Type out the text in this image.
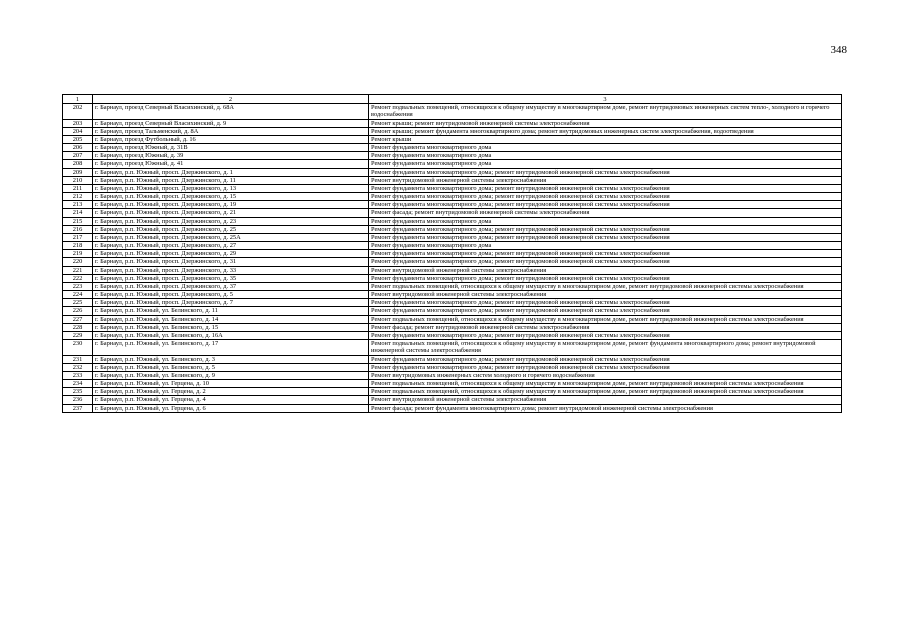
348
1	2	3
202	г. Барнаул, проезд Северный Власихинский, д. 68А	Ремонт подвальных помещений, относящихся к общему имуществу в многоквартирном доме, ремонт внутридомовых инженерных систем тепло-, холодного и горячего водоснабжения
203	г. Барнаул, проезд Северный Власихинский, д. 9	Ремонт крыши; ремонт внутридомовой инженерной системы электроснабжения
204	г. Барнаул, проезд Тальменский, д. 8А	Ремонт крыши; ремонт фундамента многоквартирного дома; ремонт внутридомовых инженерных систем электроснабжения, водоотведения
205	г. Барнаул, проезд Футбольный, д. 16	Ремонт крыши
206	г. Барнаул, проезд Южный, д. 31В	Ремонт фундамента многоквартирного дома
207	г. Барнаул, проезд Южный, д. 39	Ремонт фундамента многоквартирного дома
208	г. Барнаул, проезд Южный, д. 41	Ремонт фундамента многоквартирного дома
209	г. Барнаул, р.п. Южный, просп. Дзержинского, д. 1	Ремонт фундамента многоквартирного дома; ремонт внутридомовой инженерной системы электроснабжения
210	г. Барнаул, р.п. Южный, просп. Дзержинского, д. 11	Ремонт внутридомовой инженерной системы электроснабжения
211	г. Барнаул, р.п. Южный, просп. Дзержинского, д. 13	Ремонт фундамента многоквартирного дома; ремонт внутридомовой инженерной системы электроснабжения
212	г. Барнаул, р.п. Южный, просп. Дзержинского, д. 15	Ремонт фундамента многоквартирного дома; ремонт внутридомовой инженерной системы электроснабжения
213	г. Барнаул, р.п. Южный, просп. Дзержинского, д. 19	Ремонт фундамента многоквартирного дома; ремонт внутридомовой инженерной системы электроснабжения
214	г. Барнаул, р.п. Южный, просп. Дзержинского, д. 21	Ремонт фасада; ремонт внутридомовой инженерной системы электроснабжения
215	г. Барнаул, р.п. Южный, просп. Дзержинского, д. 23	Ремонт фундамента многоквартирного дома
216	г. Барнаул, р.п. Южный, просп. Дзержинского, д. 25	Ремонт фундамента многоквартирного дома; ремонт внутридомовой инженерной системы электроснабжения
217	г. Барнаул, р.п. Южный, просп. Дзержинского, д. 25А	Ремонт фундамента многоквартирного дома; ремонт внутридомовой инженерной системы электроснабжения
218	г. Барнаул, р.п. Южный, просп. Дзержинского, д. 27	Ремонт фундамента многоквартирного дома
219	г. Барнаул, р.п. Южный, просп. Дзержинского, д. 29	Ремонт фундамента многоквартирного дома; ремонт внутридомовой инженерной системы электроснабжения
220	г. Барнаул, р.п. Южный, просп. Дзержинского, д. 31	Ремонт фундамента многоквартирного дома; ремонт внутридомовой инженерной системы электроснабжения
221	г. Барнаул, р.п. Южный, просп. Дзержинского, д. 33	Ремонт внутридомовой инженерной системы электроснабжения
222	г. Барнаул, р.п. Южный, просп. Дзержинского, д. 35	Ремонт фундамента многоквартирного дома; ремонт внутридомовой инженерной системы электроснабжения
223	г. Барнаул, р.п. Южный, просп. Дзержинского, д. 37	Ремонт подвальных помещений, относящихся к общему имуществу в многоквартирном доме, ремонт внутридомовой инженерной системы электроснабжения
224	г. Барнаул, р.п. Южный, просп. Дзержинского, д. 5	Ремонт внутридомовой инженерной системы электроснабжения
225	г. Барнаул, р.п. Южный, просп. Дзержинского, д. 7	Ремонт фундамента многоквартирного дома; ремонт внутридомовой инженерной системы электроснабжения
226	г. Барнаул, р.п. Южный, ул. Белинского, д. 11	Ремонт фундамента многоквартирного дома; ремонт внутридомовой инженерной системы электроснабжения
227	г. Барнаул, р.п. Южный, ул. Белинского, д. 14	Ремонт подвальных помещений, относящихся к общему имуществу в многоквартирном доме, ремонт внутридомовой инженерной системы электроснабжения
228	г. Барнаул, р.п. Южный, ул. Белинского, д. 15	Ремонт фасада; ремонт внутридомовой инженерной системы электроснабжения
229	г. Барнаул, р.п. Южный, ул. Белинского, д. 16А	Ремонт фундамента многоквартирного дома; ремонт внутридомовой инженерной системы электроснабжения
230	г. Барнаул, р.п. Южный, ул. Белинского, д. 17	Ремонт подвальных помещений, относящихся к общему имуществу в многоквартирном доме, ремонт фундамента многоквартирного дома; ремонт внутридомовой инженерной системы электроснабжения
231	г. Барнаул, р.п. Южный, ул. Белинского, д. 3	Ремонт фундамента многоквартирного дома; ремонт внутридомовой инженерной системы электроснабжения
232	г. Барнаул, р.п. Южный, ул. Белинского, д. 5	Ремонт фундамента многоквартирного дома; ремонт внутридомовой инженерной системы электроснабжения
233	г. Барнаул, р.п. Южный, ул. Белинского, д. 9	Ремонт внутридомовых инженерных систем холодного и горячего водоснабжения
234	г. Барнаул, р.п. Южный, ул. Герцена, д. 10	Ремонт подвальных помещений, относящихся к общему имуществу в многоквартирном доме, ремонт внутридомовой инженерной системы электроснабжения
235	г. Барнаул, р.п. Южный, ул. Герцена, д. 2	Ремонт подвальных помещений, относящихся к общему имуществу в многоквартирном доме, ремонт внутридомовой инженерной системы электроснабжения
236	г. Барнаул, р.п. Южный, ул. Герцена, д. 4	Ремонт внутридомовой инженерной системы электроснабжения
237	г. Барнаул, р.п. Южный, ул. Герцена, д. 6	Ремонт фасада; ремонт фундамента многоквартирного дома; ремонт внутридомовой инженерной системы электроснабжения
